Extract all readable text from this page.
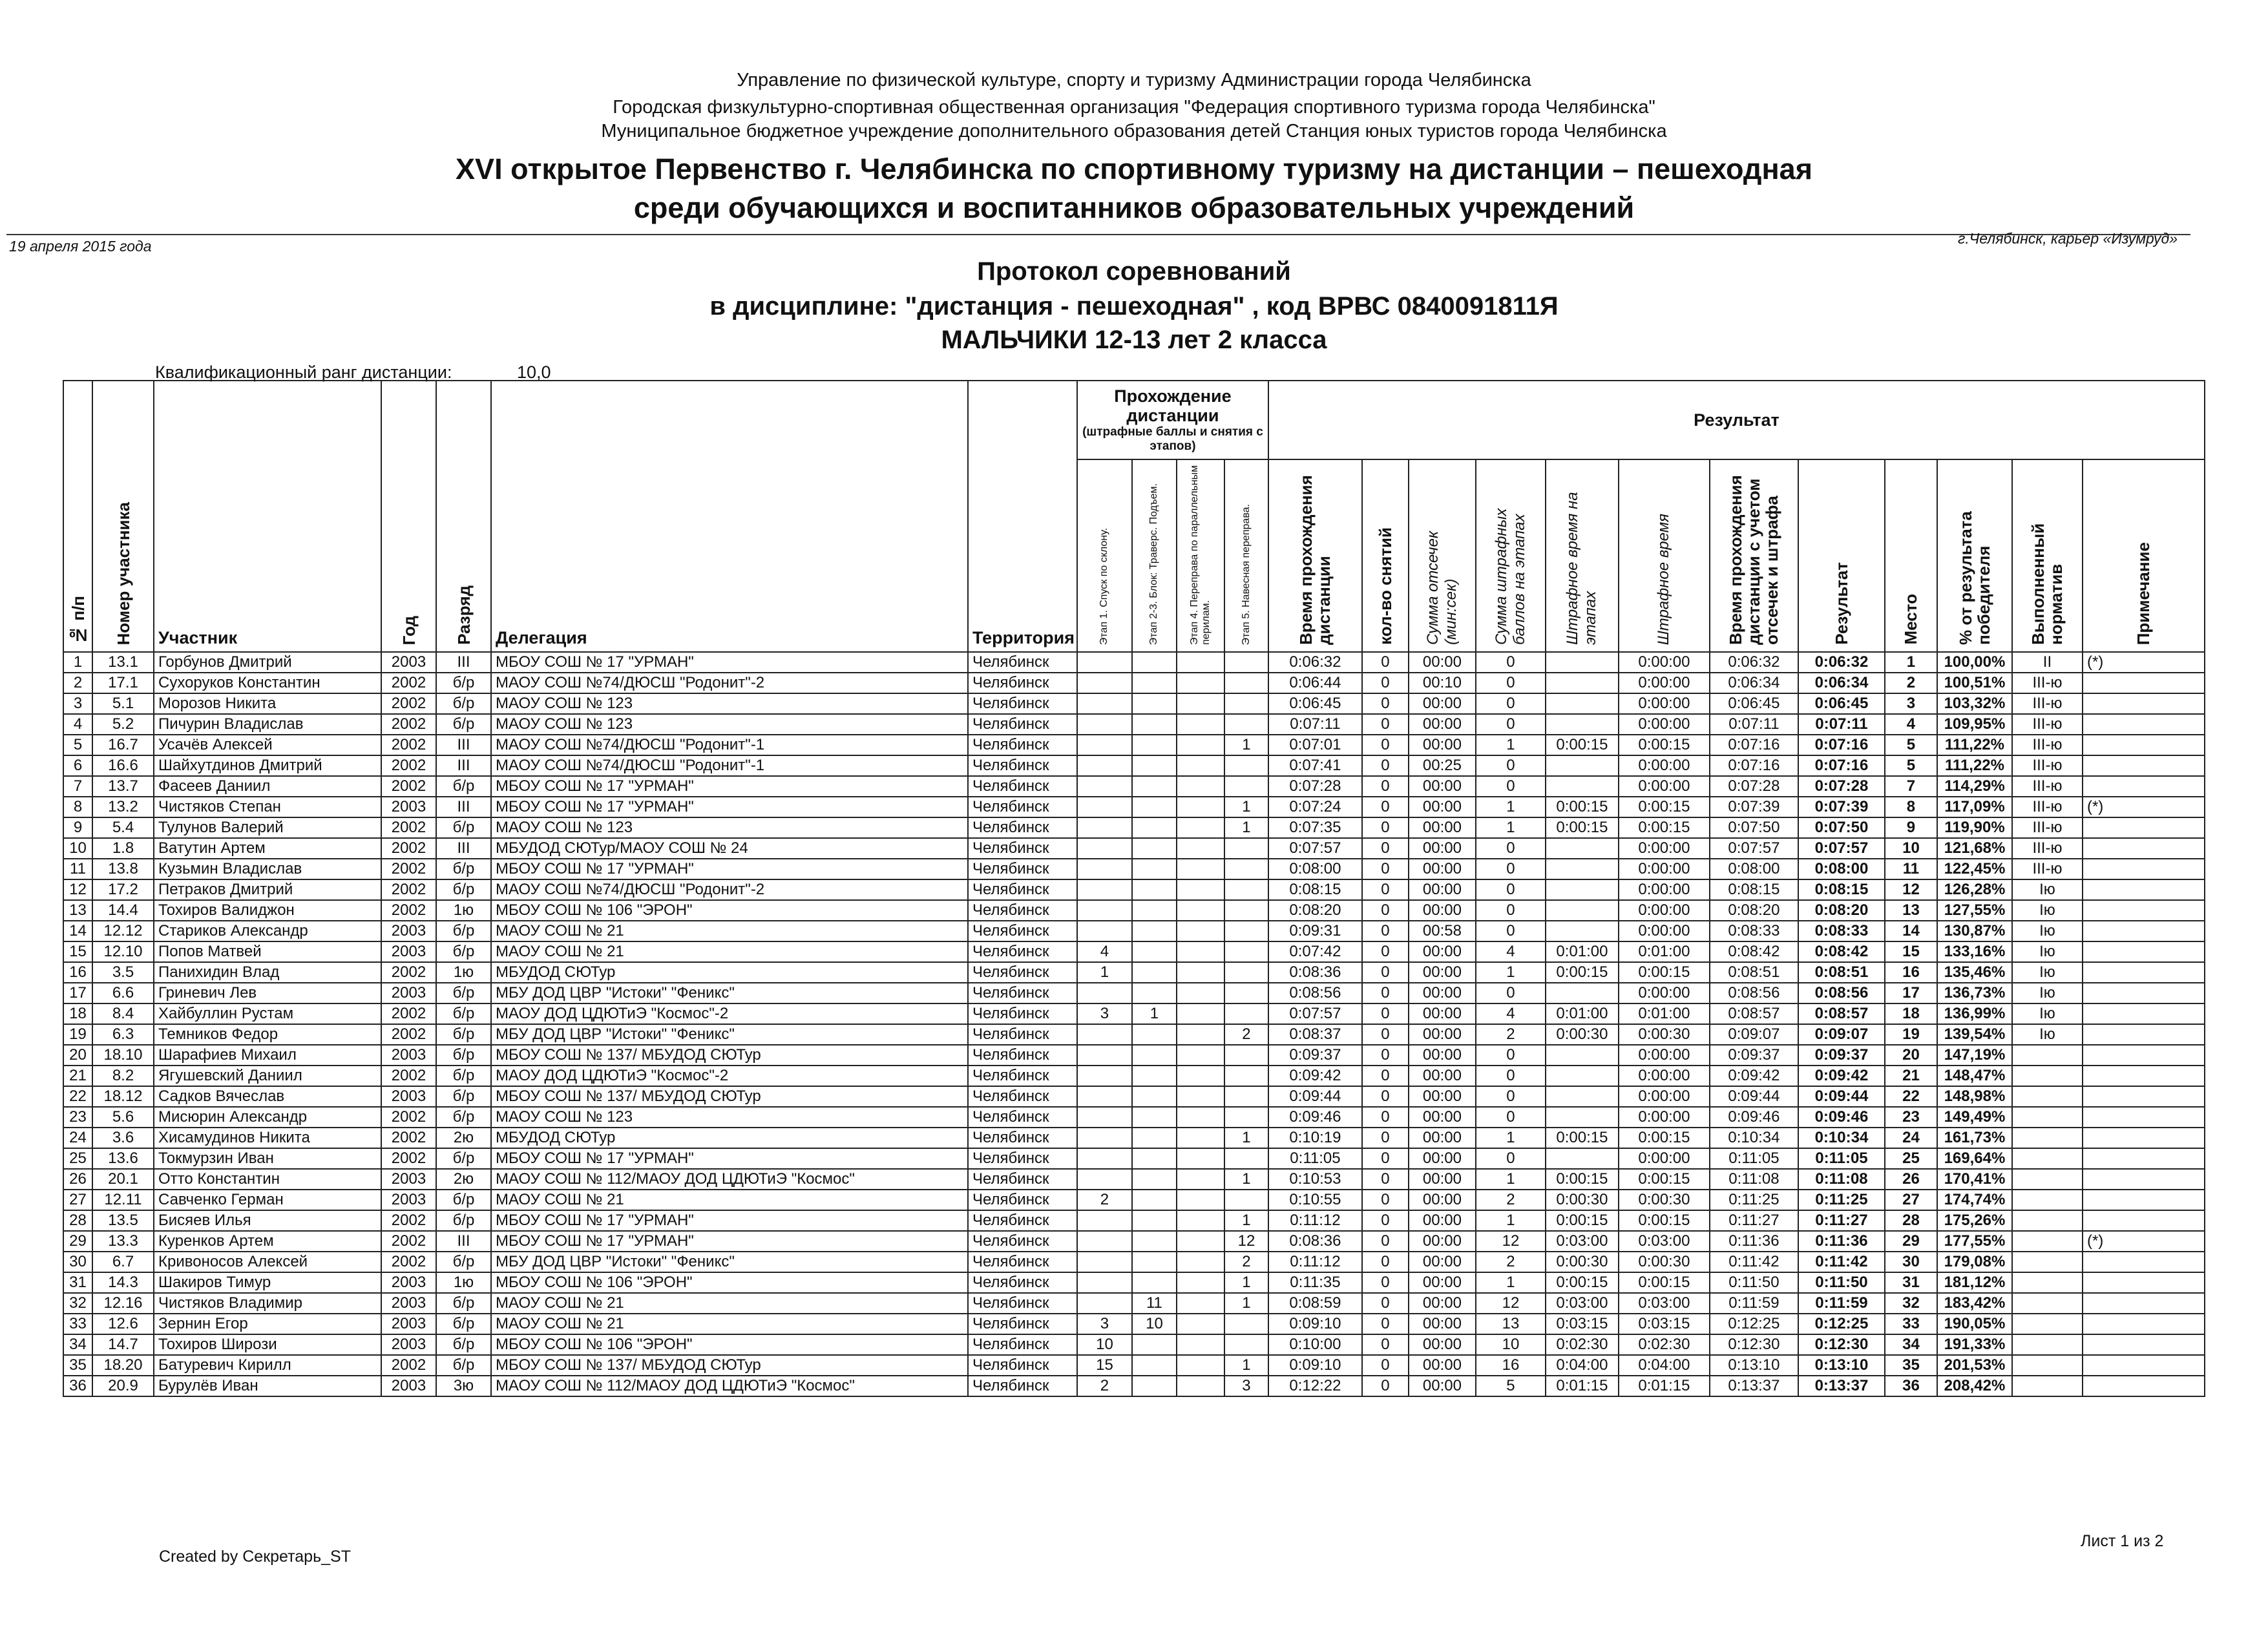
Управление по физической культуре, спорту и туризму Администрации города Челябинска
Городская физкультурно-спортивная общественная организация "Федерация спортивного туризма города Челябинска"
Муниципальное бюджетное учреждение дополнительного образования детей Станция юных туристов города Челябинска
XVI открытое Первенство г. Челябинска по спортивному туризму на дистанции – пешеходная
среди обучающихся и воспитанников образовательных учреждений
19 апреля 2015 года	г.Челябинск, карьер «Изумруд»
Протокол соревнований
в дисциплине: "дистанция - пешеходная" , код ВРВС 0840091811Я
МАЛЬЧИКИ 12-13 лет 2 класса
Квалификационный ранг дистанции:	10,0
№ п/п	Номер участника	Участник	Год	Разряд	Делегация	Территория	Прохождение дистанции
(штрафные баллы и снятия с этапов)				Результат											
							Этап 1. Спуск по склону.	Этап 2-3. Блок: Траверс. Подъем.	Этап 4. Переправа по параллельным перилам.	Этап 5. Навесная переправа.	Время прохождения дистанции	кол-во снятий	Сумма отсечек (мин:сек)	Сумма штрафных баллов на этапах	Штрафное время на этапах	Штрафное время	Время прохождения дистанции с учетом отсечек и штрафа	Результат	Место	% от результата победителя	Выполненный норматив	Примечание
1	13.1	Горбунов Дмитрий	2003	III	МБОУ СОШ № 17 "УРМАН"	Челябинск					0:06:32	0	00:00	0		0:00:00	0:06:32	0:06:32	1	100,00%	II	(*)
2	17.1	Сухоруков Константин	2002	б/р	МАОУ СОШ №74/ДЮСШ "Родонит"-2	Челябинск					0:06:44	0	00:10	0		0:00:00	0:06:34	0:06:34	2	100,51%	III-ю	
3	5.1	Морозов Никита	2002	б/р	МАОУ СОШ № 123	Челябинск					0:06:45	0	00:00	0		0:00:00	0:06:45	0:06:45	3	103,32%	III-ю	
4	5.2	Пичурин Владислав	2002	б/р	МАОУ СОШ № 123	Челябинск					0:07:11	0	00:00	0		0:00:00	0:07:11	0:07:11	4	109,95%	III-ю	
5	16.7	Усачёв Алексей	2002	III	МАОУ СОШ №74/ДЮСШ "Родонит"-1	Челябинск				1	0:07:01	0	00:00	1	0:00:15	0:00:15	0:07:16	0:07:16	5	111,22%	III-ю	
6	16.6	Шайхутдинов Дмитрий	2002	III	МАОУ СОШ №74/ДЮСШ "Родонит"-1	Челябинск					0:07:41	0	00:25	0		0:00:00	0:07:16	0:07:16	5	111,22%	III-ю	
7	13.7	Фасеев Даниил	2002	б/р	МБОУ СОШ № 17 "УРМАН"	Челябинск					0:07:28	0	00:00	0		0:00:00	0:07:28	0:07:28	7	114,29%	III-ю	
8	13.2	Чистяков Степан	2003	III	МБОУ СОШ № 17 "УРМАН"	Челябинск				1	0:07:24	0	00:00	1	0:00:15	0:00:15	0:07:39	0:07:39	8	117,09%	III-ю	(*)
9	5.4	Тулунов Валерий	2002	б/р	МАОУ СОШ № 123	Челябинск				1	0:07:35	0	00:00	1	0:00:15	0:00:15	0:07:50	0:07:50	9	119,90%	III-ю	
10	1.8	Ватутин Артем	2002	III	МБУДОД СЮТур/МАОУ СОШ № 24	Челябинск					0:07:57	0	00:00	0		0:00:00	0:07:57	0:07:57	10	121,68%	III-ю	
11	13.8	Кузьмин Владислав	2002	б/р	МБОУ СОШ № 17 "УРМАН"	Челябинск					0:08:00	0	00:00	0		0:00:00	0:08:00	0:08:00	11	122,45%	III-ю	
12	17.2	Петраков Дмитрий	2002	б/р	МАОУ СОШ №74/ДЮСШ "Родонит"-2	Челябинск					0:08:15	0	00:00	0		0:00:00	0:08:15	0:08:15	12	126,28%	Iю	
13	14.4	Тохиров Валиджон	2002	1ю	МБОУ СОШ № 106 "ЭРОН"	Челябинск					0:08:20	0	00:00	0		0:00:00	0:08:20	0:08:20	13	127,55%	Iю	
14	12.12	Стариков Александр	2003	б/р	МАОУ СОШ № 21	Челябинск					0:09:31	0	00:58	0		0:00:00	0:08:33	0:08:33	14	130,87%	Iю	
15	12.10	Попов Матвей	2003	б/р	МАОУ СОШ № 21	Челябинск	4				0:07:42	0	00:00	4	0:01:00	0:01:00	0:08:42	0:08:42	15	133,16%	Iю	
16	3.5	Панихидин Влад	2002	1ю	МБУДОД СЮТур	Челябинск	1				0:08:36	0	00:00	1	0:00:15	0:00:15	0:08:51	0:08:51	16	135,46%	Iю	
17	6.6	Гриневич Лев	2003	б/р	МБУ ДОД ЦВР "Истоки" "Феникс"	Челябинск					0:08:56	0	00:00	0		0:00:00	0:08:56	0:08:56	17	136,73%	Iю	
18	8.4	Хайбуллин Рустам	2002	б/р	МАОУ ДОД ЦДЮТиЭ "Космос"-2	Челябинск	3	1			0:07:57	0	00:00	4	0:01:00	0:01:00	0:08:57	0:08:57	18	136,99%	Iю	
19	6.3	Темников Федор	2002	б/р	МБУ ДОД ЦВР "Истоки" "Феникс"	Челябинск				2	0:08:37	0	00:00	2	0:00:30	0:00:30	0:09:07	0:09:07	19	139,54%	Iю	
20	18.10	Шарафиев Михаил	2003	б/р	МБОУ СОШ № 137/ МБУДОД СЮТур	Челябинск					0:09:37	0	00:00	0		0:00:00	0:09:37	0:09:37	20	147,19%		
21	8.2	Ягушевский Даниил	2002	б/р	МАОУ ДОД ЦДЮТиЭ "Космос"-2	Челябинск					0:09:42	0	00:00	0		0:00:00	0:09:42	0:09:42	21	148,47%		
22	18.12	Садков Вячеслав	2003	б/р	МБОУ СОШ № 137/ МБУДОД СЮТур	Челябинск					0:09:44	0	00:00	0		0:00:00	0:09:44	0:09:44	22	148,98%		
23	5.6	Мисюрин Александр	2002	б/р	МАОУ СОШ № 123	Челябинск					0:09:46	0	00:00	0		0:00:00	0:09:46	0:09:46	23	149,49%		
24	3.6	Хисамудинов Никита	2002	2ю	МБУДОД СЮТур	Челябинск				1	0:10:19	0	00:00	1	0:00:15	0:00:15	0:10:34	0:10:34	24	161,73%		
25	13.6	Токмурзин Иван	2002	б/р	МБОУ СОШ № 17 "УРМАН"	Челябинск					0:11:05	0	00:00	0		0:00:00	0:11:05	0:11:05	25	169,64%		
26	20.1	Отто Константин	2003	2ю	МАОУ СОШ № 112/МАОУ ДОД ЦДЮТиЭ "Космос"	Челябинск				1	0:10:53	0	00:00	1	0:00:15	0:00:15	0:11:08	0:11:08	26	170,41%		
27	12.11	Савченко Герман	2003	б/р	МАОУ СОШ № 21	Челябинск	2				0:10:55	0	00:00	2	0:00:30	0:00:30	0:11:25	0:11:25	27	174,74%		
28	13.5	Бисяев Илья	2002	б/р	МБОУ СОШ № 17 "УРМАН"	Челябинск				1	0:11:12	0	00:00	1	0:00:15	0:00:15	0:11:27	0:11:27	28	175,26%		
29	13.3	Куренков Артем	2002	III	МБОУ СОШ № 17 "УРМАН"	Челябинск				12	0:08:36	0	00:00	12	0:03:00	0:03:00	0:11:36	0:11:36	29	177,55%		(*)
30	6.7	Кривоносов Алексей	2002	б/р	МБУ ДОД ЦВР "Истоки" "Феникс"	Челябинск				2	0:11:12	0	00:00	2	0:00:30	0:00:30	0:11:42	0:11:42	30	179,08%		
31	14.3	Шакиров Тимур	2003	1ю	МБОУ СОШ № 106 "ЭРОН"	Челябинск				1	0:11:35	0	00:00	1	0:00:15	0:00:15	0:11:50	0:11:50	31	181,12%		
32	12.16	Чистяков Владимир	2003	б/р	МАОУ СОШ № 21	Челябинск		11		1	0:08:59	0	00:00	12	0:03:00	0:03:00	0:11:59	0:11:59	32	183,42%		
33	12.6	Зернин Егор	2003	б/р	МАОУ СОШ № 21	Челябинск	3	10			0:09:10	0	00:00	13	0:03:15	0:03:15	0:12:25	0:12:25	33	190,05%		
34	14.7	Тохиров Ширози	2003	б/р	МБОУ СОШ № 106 "ЭРОН"	Челябинск	10				0:10:00	0	00:00	10	0:02:30	0:02:30	0:12:30	0:12:30	34	191,33%		
35	18.20	Батуревич Кирилл	2002	б/р	МБОУ СОШ № 137/ МБУДОД СЮТур	Челябинск	15			1	0:09:10	0	00:00	16	0:04:00	0:04:00	0:13:10	0:13:10	35	201,53%		
36	20.9	Бурулёв Иван	2003	3ю	МАОУ СОШ № 112/МАОУ ДОД ЦДЮТиЭ "Космос"	Челябинск	2			3	0:12:22	0	00:00	5	0:01:15	0:01:15	0:13:37	0:13:37	36	208,42%		
Created by Секретарь_ST
Лист 1 из 2
